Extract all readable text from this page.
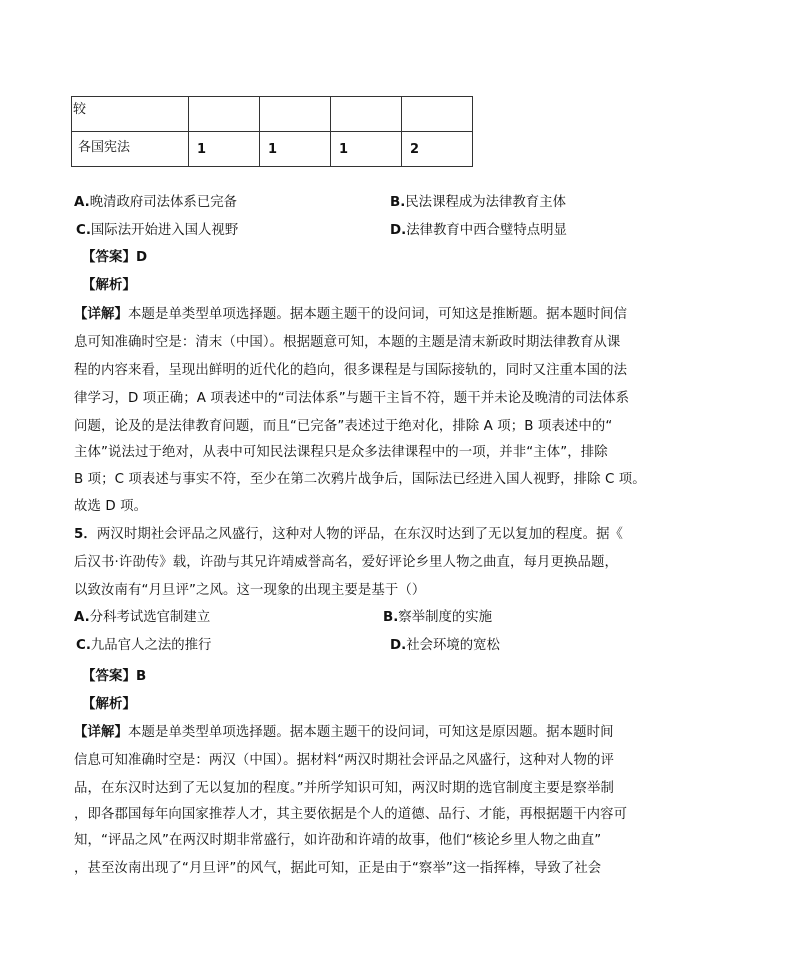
较				

各国宪法	1	1	1	2
A.晚清政府司法体系已完备	B.民法课程成为法律教育主体
C.国际法开始进入国人视野	D.法律教育中西合璧特点明显
【答案】D
【解析】
【详解】本题是单类型单项选择题。据本题主题干的设问词，可知这是推断题。据本题时间信
息可知准确时空是：清末（中国）。根据题意可知，本题的主题是清末新政时期法律教育从课
程的内容来看，呈现出鲜明的近代化的趋向，很多课程是与国际接轨的，同时又注重本国的法
律学习，D 项正确；A 项表述中的“司法体系”与题干主旨不符，题干并未论及晚清的司法体系
问题，论及的是法律教育问题，而且“已完备”表述过于绝对化，排除 A 项；B 项表述中的“
主体”说法过于绝对，从表中可知民法课程只是众多法律课程中的一项，并非“主体”，排除
B 项；C 项表述与事实不符，至少在第二次鸦片战争后，国际法已经进入国人视野，排除 C 项。
故选 D 项。
5．两汉时期社会评品之风盛行，这种对人物的评品，在东汉时达到了无以复加的程度。据《
后汉书·许劭传》载，许劭与其兄许靖威誉高名，爱好评论乡里人物之曲直，每月更换品题，
以致汝南有“月旦评”之风。这一现象的出现主要是基于（）
A.分科考试选官制建立	B.察举制度的实施
C.九品官人之法的推行	D.社会环境的宽松
【答案】B
【解析】
【详解】本题是单类型单项选择题。据本题主题干的设问词，可知这是原因题。据本题时间
信息可知准确时空是：两汉（中国）。据材料“两汉时期社会评品之风盛行，这种对人物的评
品，在东汉时达到了无以复加的程度。”并所学知识可知，两汉时期的选官制度主要是察举制
，即各郡国每年向国家推荐人才，其主要依据是个人的道德、品行、才能，再根据题干内容可
知，“评品之风”在两汉时期非常盛行，如许劭和许靖的故事，他们“核论乡里人物之曲直”
，甚至汝南出现了“月旦评”的风气，据此可知，正是由于“察举”这一指挥棒，导致了社会
